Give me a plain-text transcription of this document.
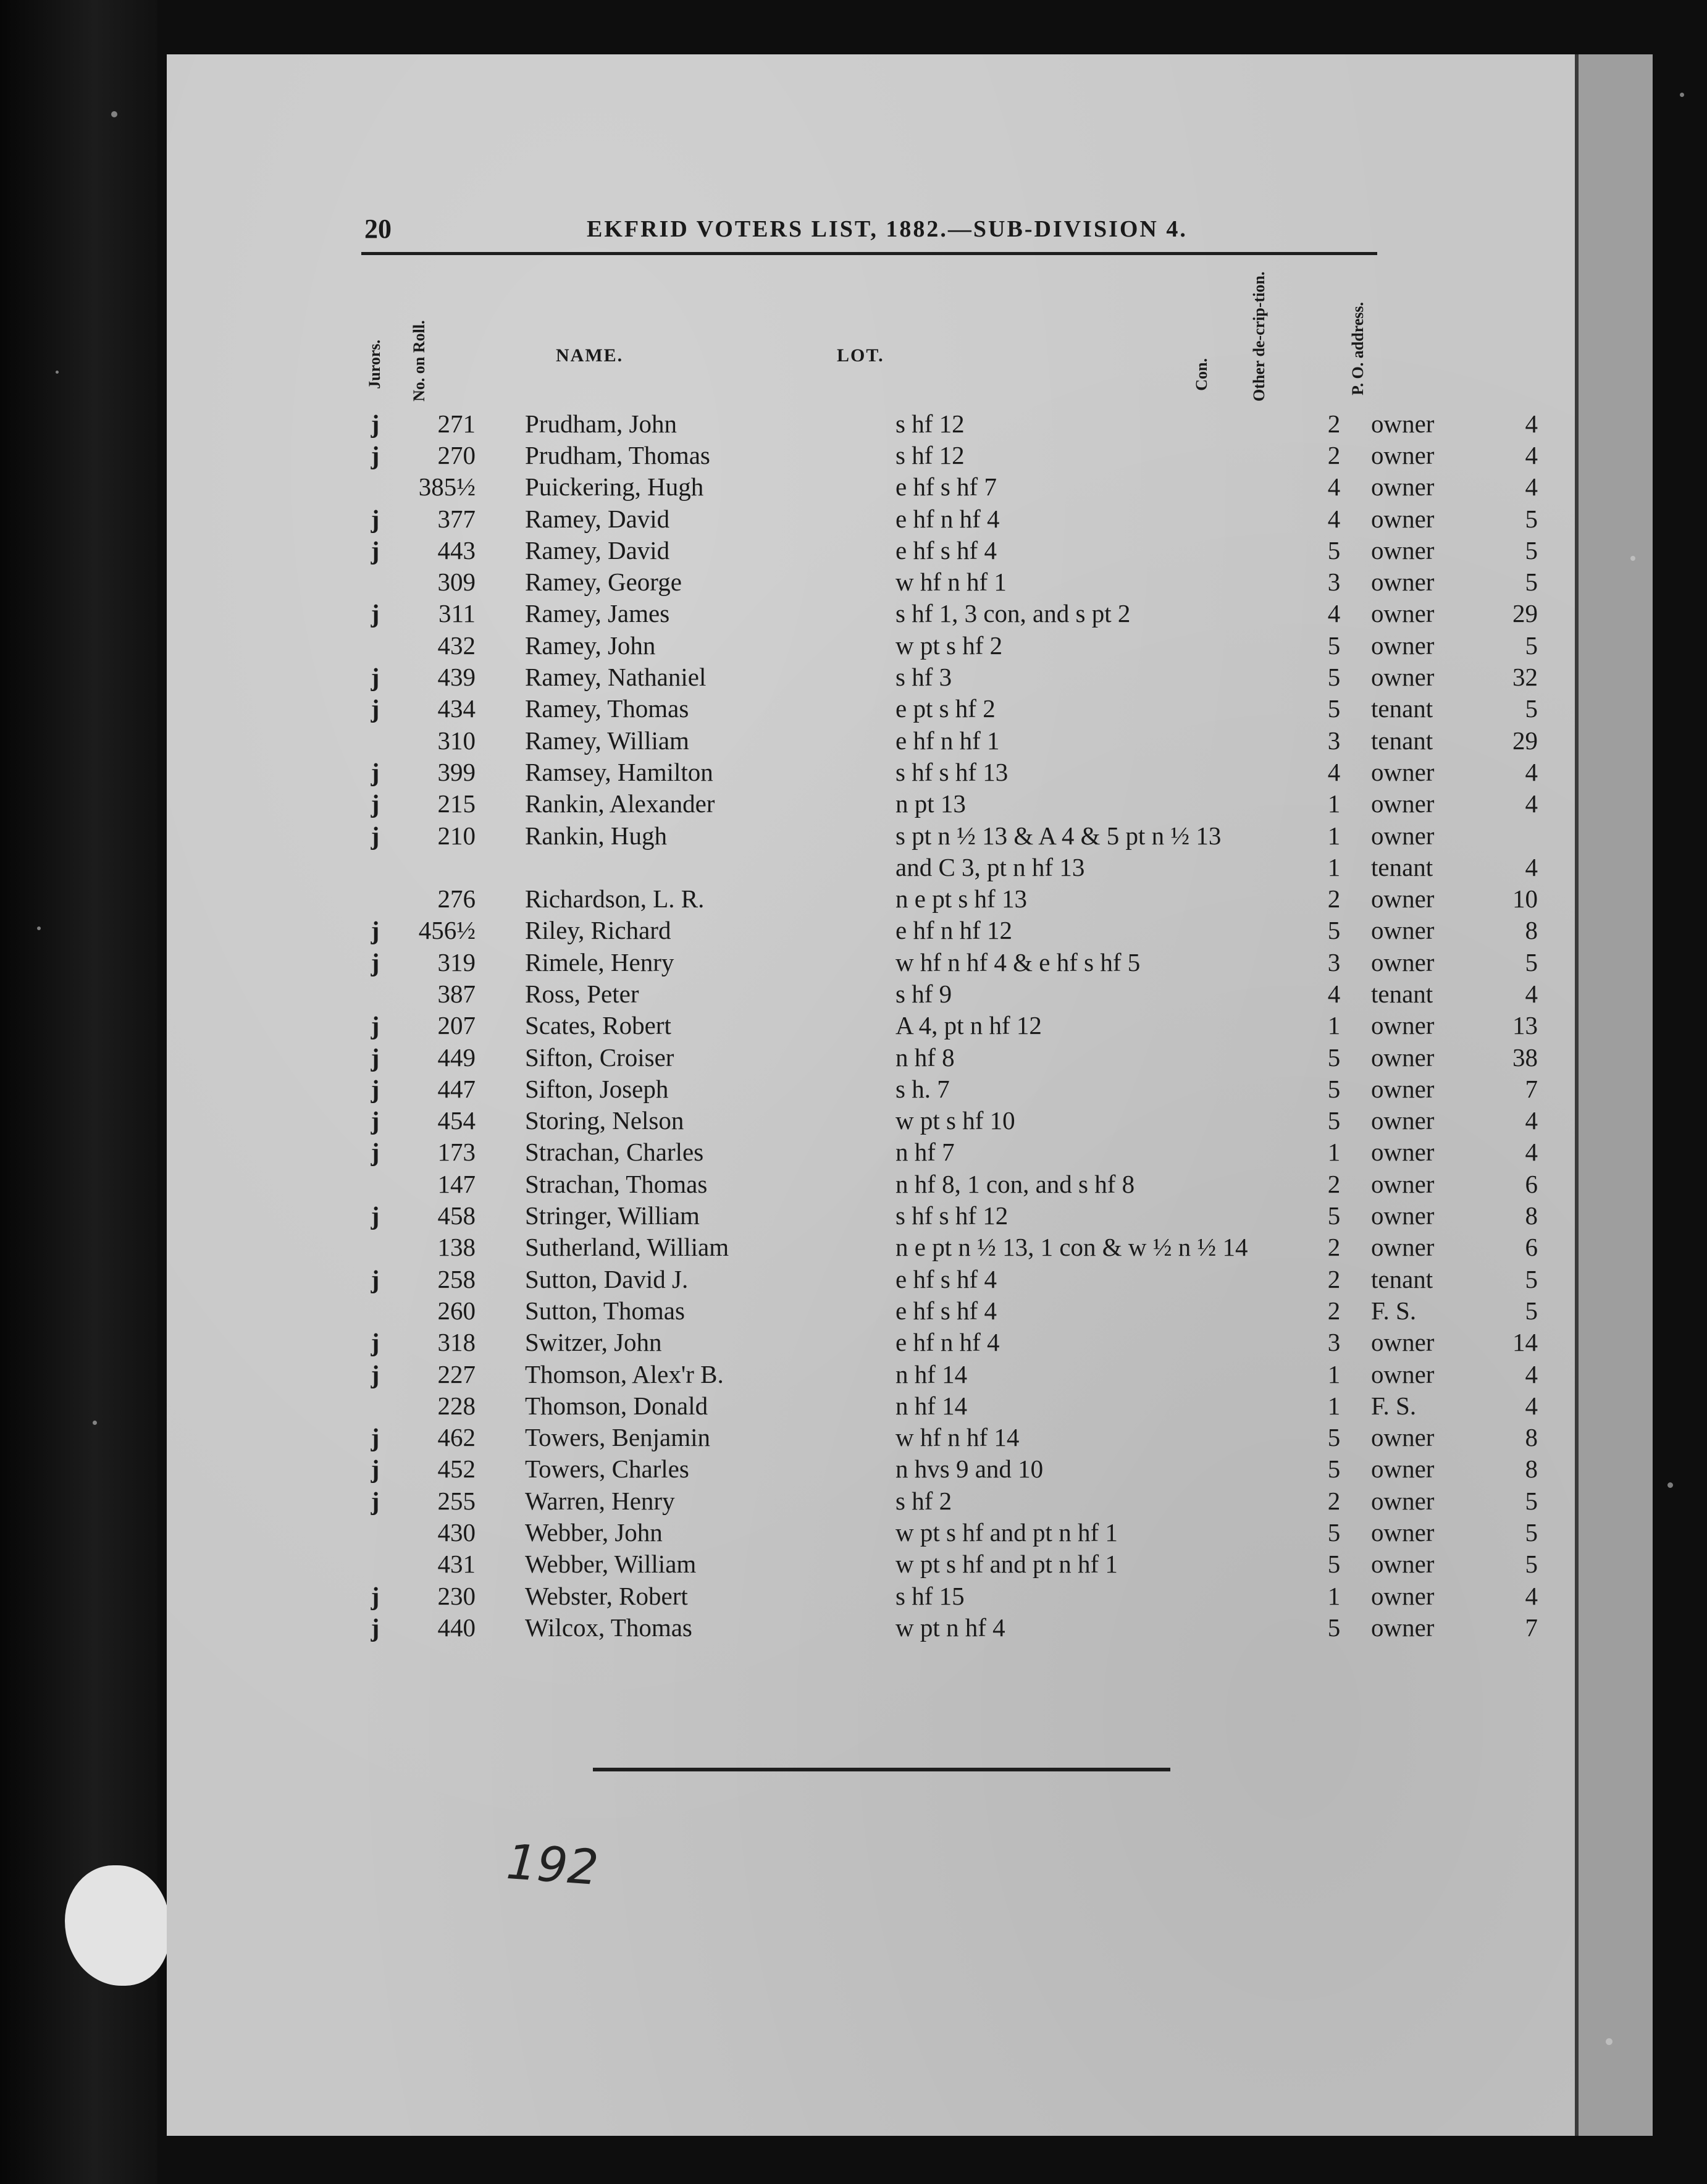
20	EKFRID VOTERS LIST, 1882.—SUB-DIVISION 4.
Jurors. No. on Roll.	NAME.	LOT.
Con. Other de-crip-tion.	P. O. address.
j	271	Prudham, John	s hf 12	2	owner	4
j	270	Prudham, Thomas	s hf 12	2	owner	4
	385½	Puickering, Hugh	e hf s hf 7	4	owner	4
j	377	Ramey, David	e hf n hf 4	4	owner	5
j	443	Ramey, David	e hf s hf 4	5	owner	5
	309	Ramey, George	w hf n hf 1	3	owner	5
j	311	Ramey, James	s hf 1, 3 con, and s pt 2	4	owner	29
	432	Ramey, John	w pt s hf 2	5	owner	5
j	439	Ramey, Nathaniel	s hf 3	5	owner	32
j	434	Ramey, Thomas	e pt s hf 2	5	tenant	5
	310	Ramey, William	e hf n hf 1	3	tenant	29
j	399	Ramsey, Hamilton	s hf s hf 13	4	owner	4
j	215	Rankin, Alexander	n pt 13	1	owner	4
j	210	Rankin, Hugh	s pt n ½ 13 & A 4 & 5 pt n ½ 13	1	owner	
			and C 3, pt n hf 13	1	tenant	4
	276	Richardson, L. R.	n e pt s hf 13	2	owner	10
j	456½	Riley, Richard	e hf n hf 12	5	owner	8
j	319	Rimele, Henry	w hf n hf 4 & e hf s hf 5	3	owner	5
	387	Ross, Peter	s hf 9	4	tenant	4
j	207	Scates, Robert	A 4, pt n hf 12	1	owner	13
j	449	Sifton, Croiser	n hf 8	5	owner	38
j	447	Sifton, Joseph	s h. 7	5	owner	7
j	454	Storing, Nelson	w pt s hf 10	5	owner	4
j	173	Strachan, Charles	n hf 7	1	owner	4
	147	Strachan, Thomas	n hf 8, 1 con, and s hf 8	2	owner	6
j	458	Stringer, William	s hf s hf 12	5	owner	8
	138	Sutherland, William	n e pt n ½ 13, 1 con & w ½ n ½ 14	2	owner	6
j	258	Sutton, David J.	e hf s hf 4	2	tenant	5
	260	Sutton, Thomas	e hf s hf 4	2	F. S.	5
j	318	Switzer, John	e hf n hf 4	3	owner	14
j	227	Thomson, Alex'r B.	n hf 14	1	owner	4
	228	Thomson, Donald	n hf 14	1	F. S.	4
j	462	Towers, Benjamin	w hf n hf 14	5	owner	8
j	452	Towers, Charles	n hvs 9 and 10	5	owner	8
j	255	Warren, Henry	s hf 2	2	owner	5
	430	Webber, John	w pt s hf and pt n hf 1	5	owner	5
	431	Webber, William	w pt s hf and pt n hf 1	5	owner	5
j	230	Webster, Robert	s hf 15	1	owner	4
j	440	Wilcox, Thomas	w pt n hf 4	5	owner	7
192
